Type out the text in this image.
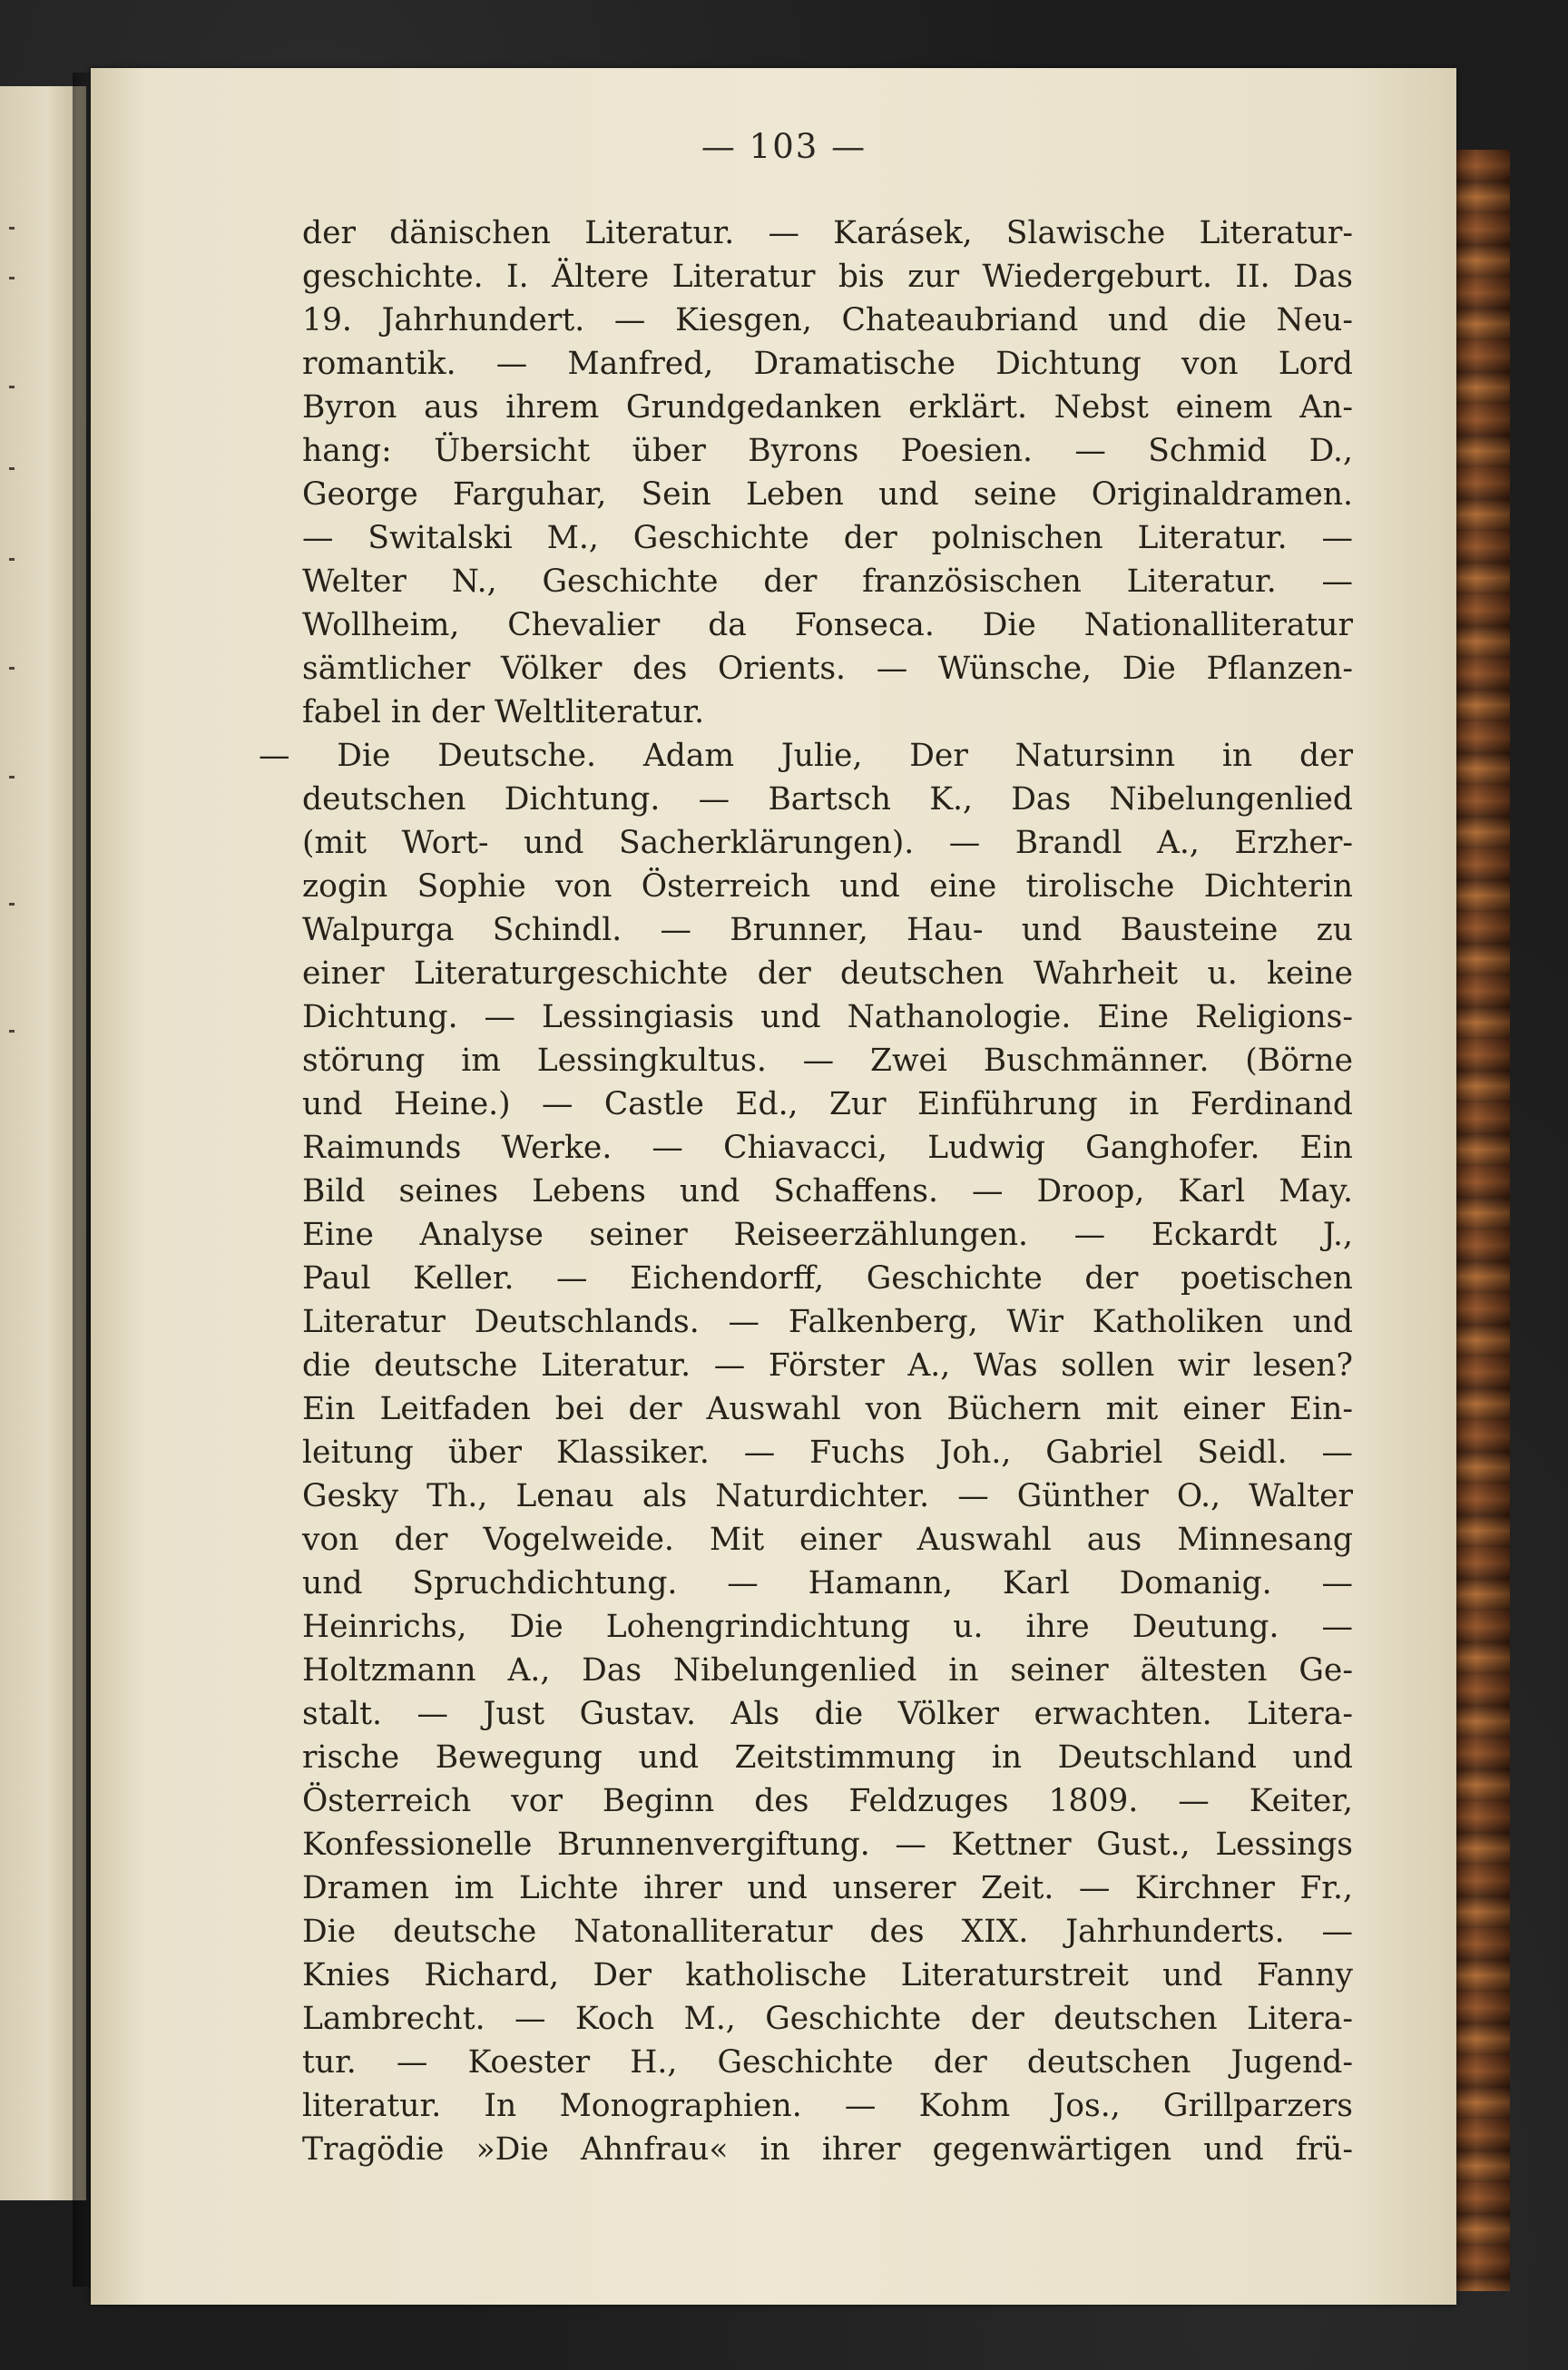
— 103 —
der dänischen Literatur. — Karásek, Slawische Literatur-
geschichte. I. Ältere Literatur bis zur Wiedergeburt. II. Das
19. Jahrhundert. — Kiesgen, Chateaubriand und die Neu-
romantik. — Manfred, Dramatische Dichtung von Lord
Byron aus ihrem Grundgedanken erklärt. Nebst einem An-
hang: Übersicht über Byrons Poesien. — Schmid D.,
George Farguhar, Sein Leben und seine Originaldramen.
— Switalski M., Geschichte der polnischen Literatur. —
Welter N., Geschichte der französischen Literatur. —
Wollheim, Chevalier da Fonseca. Die Nationalliteratur
sämtlicher Völker des Orients. — Wünsche, Die Pflanzen-
fabel in der Weltliteratur.
— Die Deutsche. Adam Julie, Der Natursinn in der
deutschen Dichtung. — Bartsch K., Das Nibelungenlied
(mit Wort- und Sacherklärungen). — Brandl A., Erzher-
zogin Sophie von Österreich und eine tirolische Dichterin
Walpurga Schindl. — Brunner, Hau- und Bausteine zu
einer Literaturgeschichte der deutschen Wahrheit u. keine
Dichtung. — Lessingiasis und Nathanologie. Eine Religions-
störung im Lessingkultus. — Zwei Buschmänner. (Börne
und Heine.) — Castle Ed., Zur Einführung in Ferdinand
Raimunds Werke. — Chiavacci, Ludwig Ganghofer. Ein
Bild seines Lebens und Schaffens. — Droop, Karl May.
Eine Analyse seiner Reiseerzählungen. — Eckardt J.,
Paul Keller. — Eichendorff, Geschichte der poetischen
Literatur Deutschlands. — Falkenberg, Wir Katholiken und
die deutsche Literatur. — Förster A., Was sollen wir lesen?
Ein Leitfaden bei der Auswahl von Büchern mit einer Ein-
leitung über Klassiker. — Fuchs Joh., Gabriel Seidl. —
Gesky Th., Lenau als Naturdichter. — Günther O., Walter
von der Vogelweide. Mit einer Auswahl aus Minnesang
und Spruchdichtung. — Hamann, Karl Domanig. —
Heinrichs, Die Lohengrindichtung u. ihre Deutung. —
Holtzmann A., Das Nibelungenlied in seiner ältesten Ge-
stalt. — Just Gustav. Als die Völker erwachten. Litera-
rische Bewegung und Zeitstimmung in Deutschland und
Österreich vor Beginn des Feldzuges 1809. — Keiter,
Konfessionelle Brunnenvergiftung. — Kettner Gust., Lessings
Dramen im Lichte ihrer und unserer Zeit. — Kirchner Fr.,
Die deutsche Natonalliteratur des XIX. Jahrhunderts. —
Knies Richard, Der katholische Literaturstreit und Fanny
Lambrecht. — Koch M., Geschichte der deutschen Litera-
tur. — Koester H., Geschichte der deutschen Jugend-
literatur. In Monographien. — Kohm Jos., Grillparzers
Tragödie »Die Ahnfrau« in ihrer gegenwärtigen und frü-
